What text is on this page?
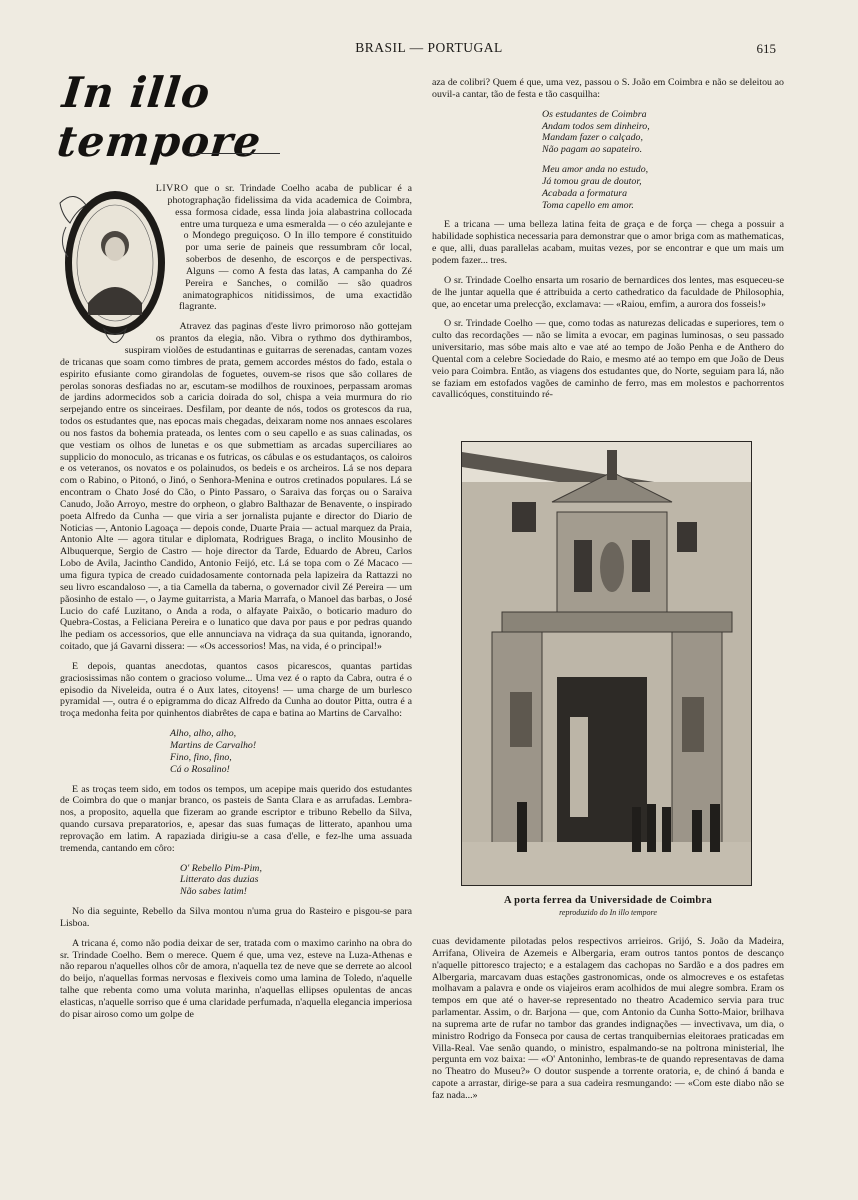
BRASIL — PORTUGAL	615
In illo tempore

LIVRO que o sr. Trindade Coelho acaba de publicar é a photographação fidelissima da vida academica de Coimbra, essa formosa cidade, essa linda joia alabastrina collocada entre uma turqueza e uma esmeralda — o céo azulejante e o Mondego preguiçoso. O In illo tempore é constituido por uma serie de paineis que ressumbram côr local, soberbos de desenho, de escorços e de perspectivas. Alguns — como A festa das latas, A campanha do Zé Pereira e Sanches, o comilão — são quadros animatographicos nitidissimos, de uma exactidão flagrante.

Atravez das paginas d'este livro primoroso não gottejam os prantos da elegia, não. Vibra o rythmo dos dythirambos, suspiram violões de estudantinas e guitarras de serenadas, cantam vozes de tricanas que soam como timbres de prata, gemem accordes méstos do fado, estala o espirito efusiante como girandolas de foguetes, ouvem-se risos que são collares de perolas sonoras desfiadas no ar, escutam-se modilhos de rouxinoes, perpassam aromas de jardins adormecidos sob a caricia doirada do sol, chispa a veia murmura do rio serpejando entre os sinceiraes. Desfilam, por deante de nós, todos os grotescos da rua, todos os estudantes que, nas epocas mais chegadas, deixaram nome nos annaes escolares ou nos fastos da bohemia prateada, os lentes com o seu capello e as suas calinadas, os que vestiam os olhos de lunetas e os que submettiam as arcadas superciliares ao supplicio do monoculo, as tricanas e os futricas, os cábulas e os estudantaços, os caloiros e os veteranos, os novatos e os polainudos, os bedeis e os archeiros. Lá se nos depara com o Rabino, o Pitonó, o Jinó, o Senhora-Menina e outros cretinados populares. Lá se encontram o Chato José do Cão, o Pinto Passaro, o Saraiva das forças ou o Saraiva Canudo, João Arroyo, mestre do orpheon, o glabro Balthazar de Benavente, o inspirado poeta Alfredo da Cunha — que viria a ser jornalista pujante e director do Diario de Noticias —, Antonio Lagoaça — depois conde, Duarte Praia — actual marquez da Praia, Antonio Alte — agora titular e diplomata, Rodrigues Braga, o inclito Mousinho de Albuquerque, Sergio de Castro — hoje director da Tarde, Eduardo de Abreu, Carlos Lobo de Avila, Jacintho Candido, Antonio Feijó, etc. Lá se topa com o Zé Macaco — uma figura typica de creado cuidadosamente contornada pela lapizeira da Rattazzi no seu livro escandaloso —, a tia Camella da taberna, o governador civil Zé Pereira — um pãosinho de estalo —, o Jayme guitarrista, a Maria Marrafa, o Manoel das barbas, o José Lucio do café Luzitano, o Anda a roda, o alfayate Paixão, o boticario maduro do Quebra-Costas, a Feliciana Pereira e o lunatico que dava por paus e por pedras quando lhe pediam os accessorios, que elle annunciava na vidraça da sua quitanda, ignorando, coitado, que já Gavarni dissera: — «Os accessorios! Mas, na vida, é o principal!»

E depois, quantas anecdotas, quantos casos picarescos, quantas partidas graciosissimas não contem o gracioso volume... Uma vez é o rapto da Cabra, outra é o episodio da Niveleida, outra é o Aux lates, citoyens! — uma charge de um burlesco pyramidal —, outra é o epigramma do dicaz Alfredo da Cunha ao doutor Pitta, outra é a troça medonha feita por quinhentos diabrêtes de capa e batina ao Martins de Carvalho:

Alho, alho, alho,
Martins de Carvalho!
Fino, fino, fino,
Cá o Rosalino!

E as troças teem sido, em todos os tempos, um acepipe mais querido dos estudantes de Coimbra do que o manjar branco, os pasteis de Santa Clara e as arrufadas. Lembra-nos, a proposito, aquella que fizeram ao grande escriptor e tribuno Rebello da Silva, quando cursava preparatorios, e, apesar das suas fumaças de litterato, apanhou uma reprovação em latim. A rapaziada dirigiu-se a casa d'elle, e fez-lhe uma assuada tremenda, cantando em côro:

O' Rebello Pim-Pim,
Litterato das duzias
Não sabes latim!

No dia seguinte, Rebello da Silva montou n'uma grua do Rasteiro e pisgou-se para Lisboa.

A tricana é, como não podia deixar de ser, tratada com o maximo carinho na obra do sr. Trindade Coelho. Bem o merece. Quem é que, uma vez, esteve na Luza-Athenas e não reparou n'aquelles olhos côr de amora, n'aquella tez de neve que se derrete ao alcool do beijo, n'aquellas formas nervosas e flexiveis como uma lamina de Toledo, n'aquelle talhe que rebenta como uma voluta marinha, n'aquellas ellipses opulentas de ancas elasticas, n'aquelle sorriso que é uma claridade perfumada, n'aquella elegancia imperiosa do pisar airoso como um golpe de

aza de colibri? Quem é que, uma vez, passou o S. João em Coimbra e não se deleitou ao ouvil-a cantar, tão de festa e tão casquilha:

Os estudantes de Coimbra
Andam todos sem dinheiro,
Mandam fazer o calçado,
Não pagam ao sapateiro.
Meu amor anda no estudo,
Já tomou grau de doutor,
Acabada a formatura
Toma capello em amor.

E a tricana — uma belleza latina feita de graça e de força — chega a possuir a habilidade sophistica necessaria para demonstrar que o amor briga com as mathematicas, e que, alli, duas parallelas acabam, muitas vezes, por se encontrar e que um mais um podem fazer... tres.

O sr. Trindade Coelho ensarta um rosario de bernardices dos lentes, mas esqueceu-se de lhe juntar aquella que é attribuida a certo cathedratico da faculdade de Philosophia, que, ao encetar uma prelecção, exclamava: — «Raiou, emfim, a aurora dos fosseis!»

O sr. Trindade Coelho — que, como todas as naturezas delicadas e superiores, tem o culto das recordações — não se limita a evocar, em paginas luminosas, o seu passado universitario, mas sóbe mais alto e vae até ao tempo de João Penha e de Anthero do Quental com a celebre Sociedade do Raio, e mesmo até ao tempo em que João de Deus veio para Coimbra. Então, as viagens dos estudantes que, do Norte, seguiam para lá, não se faziam em estofados vagões de caminho de ferro, mas em molestos e pachorrentos cavallicóques, constituindo ré-

A porta ferrea da Universidade de Coimbra
reproduzido do In illo tempore

cuas devidamente pilotadas pelos respectivos arrieiros. Grijó, S. João da Madeira, Arrifana, Oliveira de Azemeis e Albergaria, eram outros tantos pontos de descanço n'aquelle pittoresco trajecto; e a estalagem das cachopas no Sardão e a dos padres em Albergaria, marcavam duas estações gastronomicas, onde os almocreves e os estafetas molhavam a palavra e onde os viajeiros eram acolhidos de mui alegre sombra. Eram os tempos em que até o haver-se representado no theatro Academico servia para truc parlamentar. Assim, o dr. Barjona — que, com Antonio da Cunha Sotto-Maior, brilhava na suprema arte de rufar no tambor das grandes indignações — invectivava, um dia, o ministro Rodrigo da Fonseca por causa de certas tranquibernias eleitoraes praticadas em Villa-Real. Vae senão quando, o ministro, espalmando-se na poltrona ministerial, lhe pergunta em voz baixa: — «O' Antoninho, lembras-te de quando representavas de dama no Theatro do Museu?» O doutor suspende a torrente oratoria, e, de chinó á banda e capote a arrastar, dirige-se para a sua cadeira resmungando: — «Com este diabo não se faz nada...»
